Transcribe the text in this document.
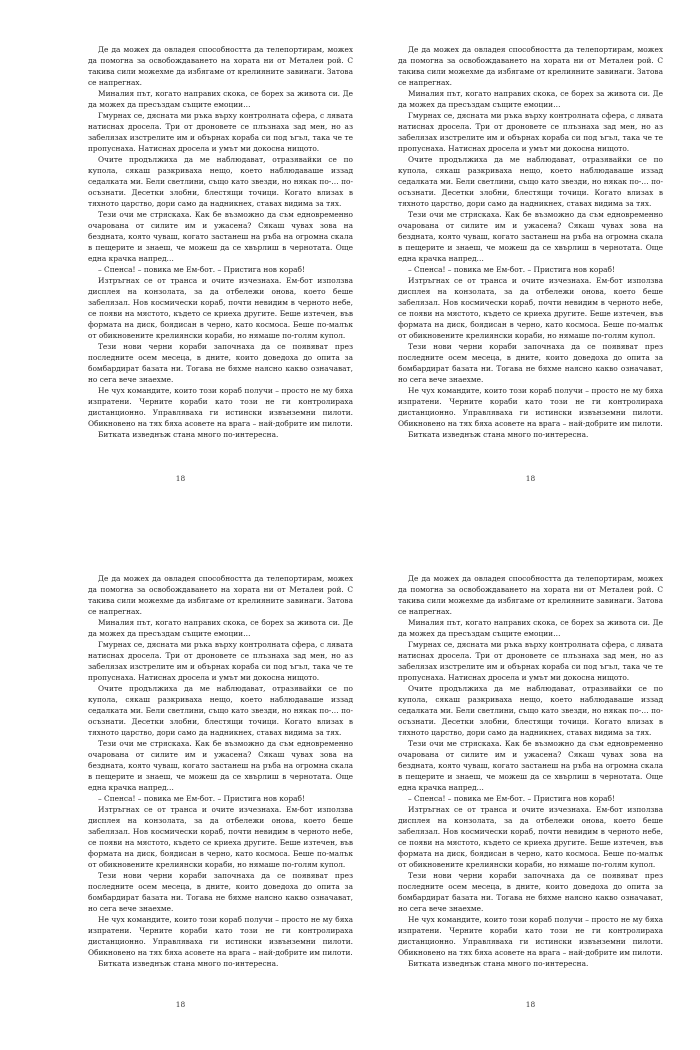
Де да можех да овладея способността да телепортирам, можех да помогна за освобождаването на хората ни от Металеи рой. С такива сили можехме да избягаме от крелияните завинаги. Затова се напрегнах.

Миналия път, когато направих скока, се борех за живота си. Де да можех да пресъздам същите емоции…

Гмурнах се, дясната ми ръка върху контролната сфера, с лявата натиснах дросела. Три от дроновете се плъзнаха зад мен, но аз забелязах изстрелите им и обърнах кораба си под ъгъл, така че те пропуснаха. Натиснах дросела и умът ми докосна нищото.

Очите продължиха да ме наблюдават, отразявайки се по купола, сякаш разкриваха нещо, което наблюдаваше иззад седалката ми. Бели светлини, също като звезди, но някак по-… по-осъзнати. Десетки злобни, блестящи точици. Когато влизах в тяхното царство, дори само да надникнех, ставах видима за тях.

Тези очи ме стряскаха. Как бе възможно да съм едновременно очарована от силите им и ужасена? Сякаш чувах зова на бездната, която чуваш, когато застанеш на ръба на огромна скала в пещерите и знаеш, че можеш да се хвърлиш в чернотата. Още една крачка напред…

– Спенса! – повика ме Ем-бот. – Пристига нов кораб!

Изтръгнах се от транса и очите изчезнаха. Ем-бот използва дисплея на конзолата, за да отбележи онова, което беше забелязал. Нов космически кораб, почти невидим в черното небе, се появи на мястото, където се криеха другите. Беше изтечен, във формата на диск, боядисан в черно, като космоса. Беше по-малък от обикновените крелиянски кораби, но нямаше по-голям купол.

Тези нови черни кораби започнаха да се появяват през последните осем месеца, в дните, които доведоха до опита за бомбардират базата ни. Тогава не бяхме наясно какво означават, но сега вече знаехме.

Не чух командите, които този кораб получи – просто не му бяха изпратени. Черните кораби като този не ги контролираха дистанционно. Управляваха ги истински извънземни пилоти. Обикновено на тях бяха асовете на врага – най-добрите им пилоти.

Битката изведнъж стана много по-интересна.

18

Де да можех да овладея способността да телепортирам, можех да помогна за освобождаването на хората ни от Металеи рой. С такива сили можехме да избягаме от крелияните завинаги. Затова се напрегнах.

Миналия път, когато направих скока, се борех за живота си. Де да можех да пресъздам същите емоции…

Гмурнах се, дясната ми ръка върху контролната сфера, с лявата натиснах дросела. Три от дроновете се плъзнаха зад мен, но аз забелязах изстрелите им и обърнах кораба си под ъгъл, така че те пропуснаха. Натиснах дросела и умът ми докосна нищото.

Очите продължиха да ме наблюдават, отразявайки се по купола, сякаш разкриваха нещо, което наблюдаваше иззад седалката ми. Бели светлини, също като звезди, но някак по-… по-осъзнати. Десетки злобни, блестящи точици. Когато влизах в тяхното царство, дори само да надникнех, ставах видима за тях.

Тези очи ме стряскаха. Как бе възможно да съм едновременно очарована от силите им и ужасена? Сякаш чувах зова на бездната, която чуваш, когато застанеш на ръба на огромна скала в пещерите и знаеш, че можеш да се хвърлиш в чернотата. Още една крачка напред…

– Спенса! – повика ме Ем-бот. – Пристига нов кораб!

Изтръгнах се от транса и очите изчезнаха. Ем-бот използва дисплея на конзолата, за да отбележи онова, което беше забелязал. Нов космически кораб, почти невидим в черното небе, се появи на мястото, където се криеха другите. Беше изтечен, във формата на диск, боядисан в черно, като космоса. Беше по-малък от обикновените крелиянски кораби, но нямаше по-голям купол.

Тези нови черни кораби започнаха да се появяват през последните осем месеца, в дните, които доведоха до опита за бомбардират базата ни. Тогава не бяхме наясно какво означават, но сега вече знаехме.

Не чух командите, които този кораб получи – просто не му бяха изпратени. Черните кораби като този не ги контролираха дистанционно. Управляваха ги истински извънземни пилоти. Обикновено на тях бяха асовете на врага – най-добрите им пилоти.

Битката изведнъж стана много по-интересна.

18

Де да можех да овладея способността да телепортирам, можех да помогна за освобождаването на хората ни от Металеи рой. С такива сили можехме да избягаме от крелияните завинаги. Затова се напрегнах.

Миналия път, когато направих скока, се борех за живота си. Де да можех да пресъздам същите емоции…

Гмурнах се, дясната ми ръка върху контролната сфера, с лявата натиснах дросела. Три от дроновете се плъзнаха зад мен, но аз забелязах изстрелите им и обърнах кораба си под ъгъл, така че те пропуснаха. Натиснах дросела и умът ми докосна нищото.

Очите продължиха да ме наблюдават, отразявайки се по купола, сякаш разкриваха нещо, което наблюдаваше иззад седалката ми. Бели светлини, също като звезди, но някак по-… по-осъзнати. Десетки злобни, блестящи точици. Когато влизах в тяхното царство, дори само да надникнех, ставах видима за тях.

Тези очи ме стряскаха. Как бе възможно да съм едновременно очарована от силите им и ужасена? Сякаш чувах зова на бездната, която чуваш, когато застанеш на ръба на огромна скала в пещерите и знаеш, че можеш да се хвърлиш в чернотата. Още една крачка напред…

– Спенса! – повика ме Ем-бот. – Пристига нов кораб!

Изтръгнах се от транса и очите изчезнаха. Ем-бот използва дисплея на конзолата, за да отбележи онова, което беше забелязал. Нов космически кораб, почти невидим в черното небе, се появи на мястото, където се криеха другите. Беше изтечен, във формата на диск, боядисан в черно, като космоса. Беше по-малък от обикновените крелиянски кораби, но нямаше по-голям купол.

Тези нови черни кораби започнаха да се появяват през последните осем месеца, в дните, които доведоха до опита за бомбардират базата ни. Тогава не бяхме наясно какво означават, но сега вече знаехме.

Не чух командите, които този кораб получи – просто не му бяха изпратени. Черните кораби като този не ги контролираха дистанционно. Управляваха ги истински извънземни пилоти. Обикновено на тях бяха асовете на врага – най-добрите им пилоти.

Битката изведнъж стана много по-интересна.

18

Де да можех да овладея способността да телепортирам, можех да помогна за освобождаването на хората ни от Металеи рой. С такива сили можехме да избягаме от крелияните завинаги. Затова се напрегнах.

Миналия път, когато направих скока, се борех за живота си. Де да можех да пресъздам същите емоции…

Гмурнах се, дясната ми ръка върху контролната сфера, с лявата натиснах дросела. Три от дроновете се плъзнаха зад мен, но аз забелязах изстрелите им и обърнах кораба си под ъгъл, така че те пропуснаха. Натиснах дросела и умът ми докосна нищото.

Очите продължиха да ме наблюдават, отразявайки се по купола, сякаш разкриваха нещо, което наблюдаваше иззад седалката ми. Бели светлини, също като звезди, но някак по-… по-осъзнати. Десетки злобни, блестящи точици. Когато влизах в тяхното царство, дори само да надникнех, ставах видима за тях.

Тези очи ме стряскаха. Как бе възможно да съм едновременно очарована от силите им и ужасена? Сякаш чувах зова на бездната, която чуваш, когато застанеш на ръба на огромна скала в пещерите и знаеш, че можеш да се хвърлиш в чернотата. Още една крачка напред…

– Спенса! – повика ме Ем-бот. – Пристига нов кораб!

Изтръгнах се от транса и очите изчезнаха. Ем-бот използва дисплея на конзолата, за да отбележи онова, което беше забелязал. Нов космически кораб, почти невидим в черното небе, се появи на мястото, където се криеха другите. Беше изтечен, във формата на диск, боядисан в черно, като космоса. Беше по-малък от обикновените крелиянски кораби, но нямаше по-голям купол.

Тези нови черни кораби започнаха да се появяват през последните осем месеца, в дните, които доведоха до опита за бомбардират базата ни. Тогава не бяхме наясно какво означават, но сега вече знаехме.

Не чух командите, които този кораб получи – просто не му бяха изпратени. Черните кораби като този не ги контролираха дистанционно. Управляваха ги истински извънземни пилоти. Обикновено на тях бяха асовете на врага – най-добрите им пилоти.

Битката изведнъж стана много по-интересна.

18
